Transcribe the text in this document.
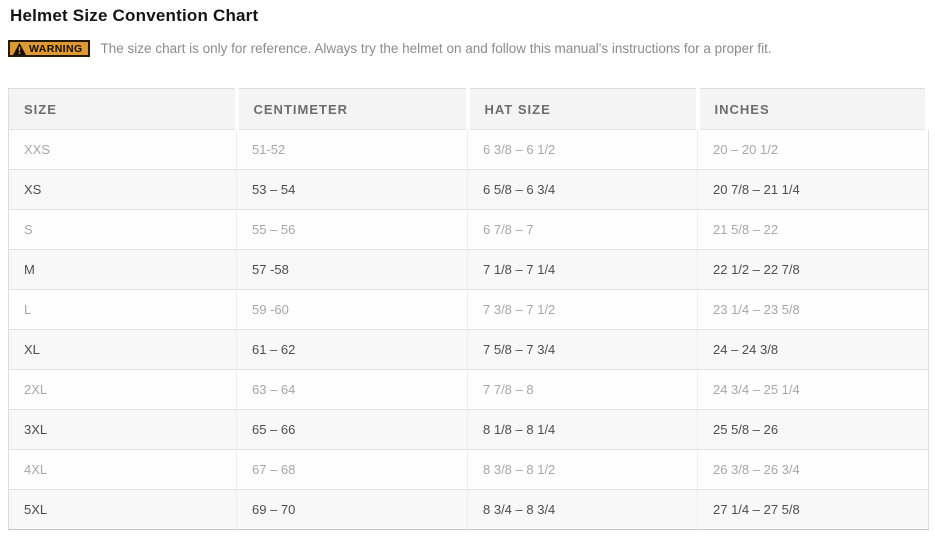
Helmet Size Convention Chart
WARNING The size chart is only for reference. Always try the helmet on and follow this manual's instructions for a proper fit.
SIZE	CENTIMETER	HAT SIZE	INCHES
XXS	51-52	6 3/8 – 6 1/2	20 – 20 1/2
XS	53 – 54	6 5/8 – 6 3/4	20 7/8 – 21 1/4
S	55 – 56	6 7/8 – 7	21 5/8 – 22
M	57 -58	7 1/8 – 7 1/4	22 1/2 – 22 7/8
L	59 -60	7 3/8 – 7 1/2	23 1/4 – 23 5/8
XL	61 – 62	7 5/8 – 7 3/4	24 – 24 3/8
2XL	63 – 64	7 7/8 – 8	24 3/4 – 25 1/4
3XL	65 – 66	8 1/8 – 8 1/4	25 5/8 – 26
4XL	67 – 68	8 3/8 – 8 1/2	26 3/8 – 26 3/4
5XL	69 – 70	8 3/4 – 8 3/4	27 1/4 – 27 5/8
